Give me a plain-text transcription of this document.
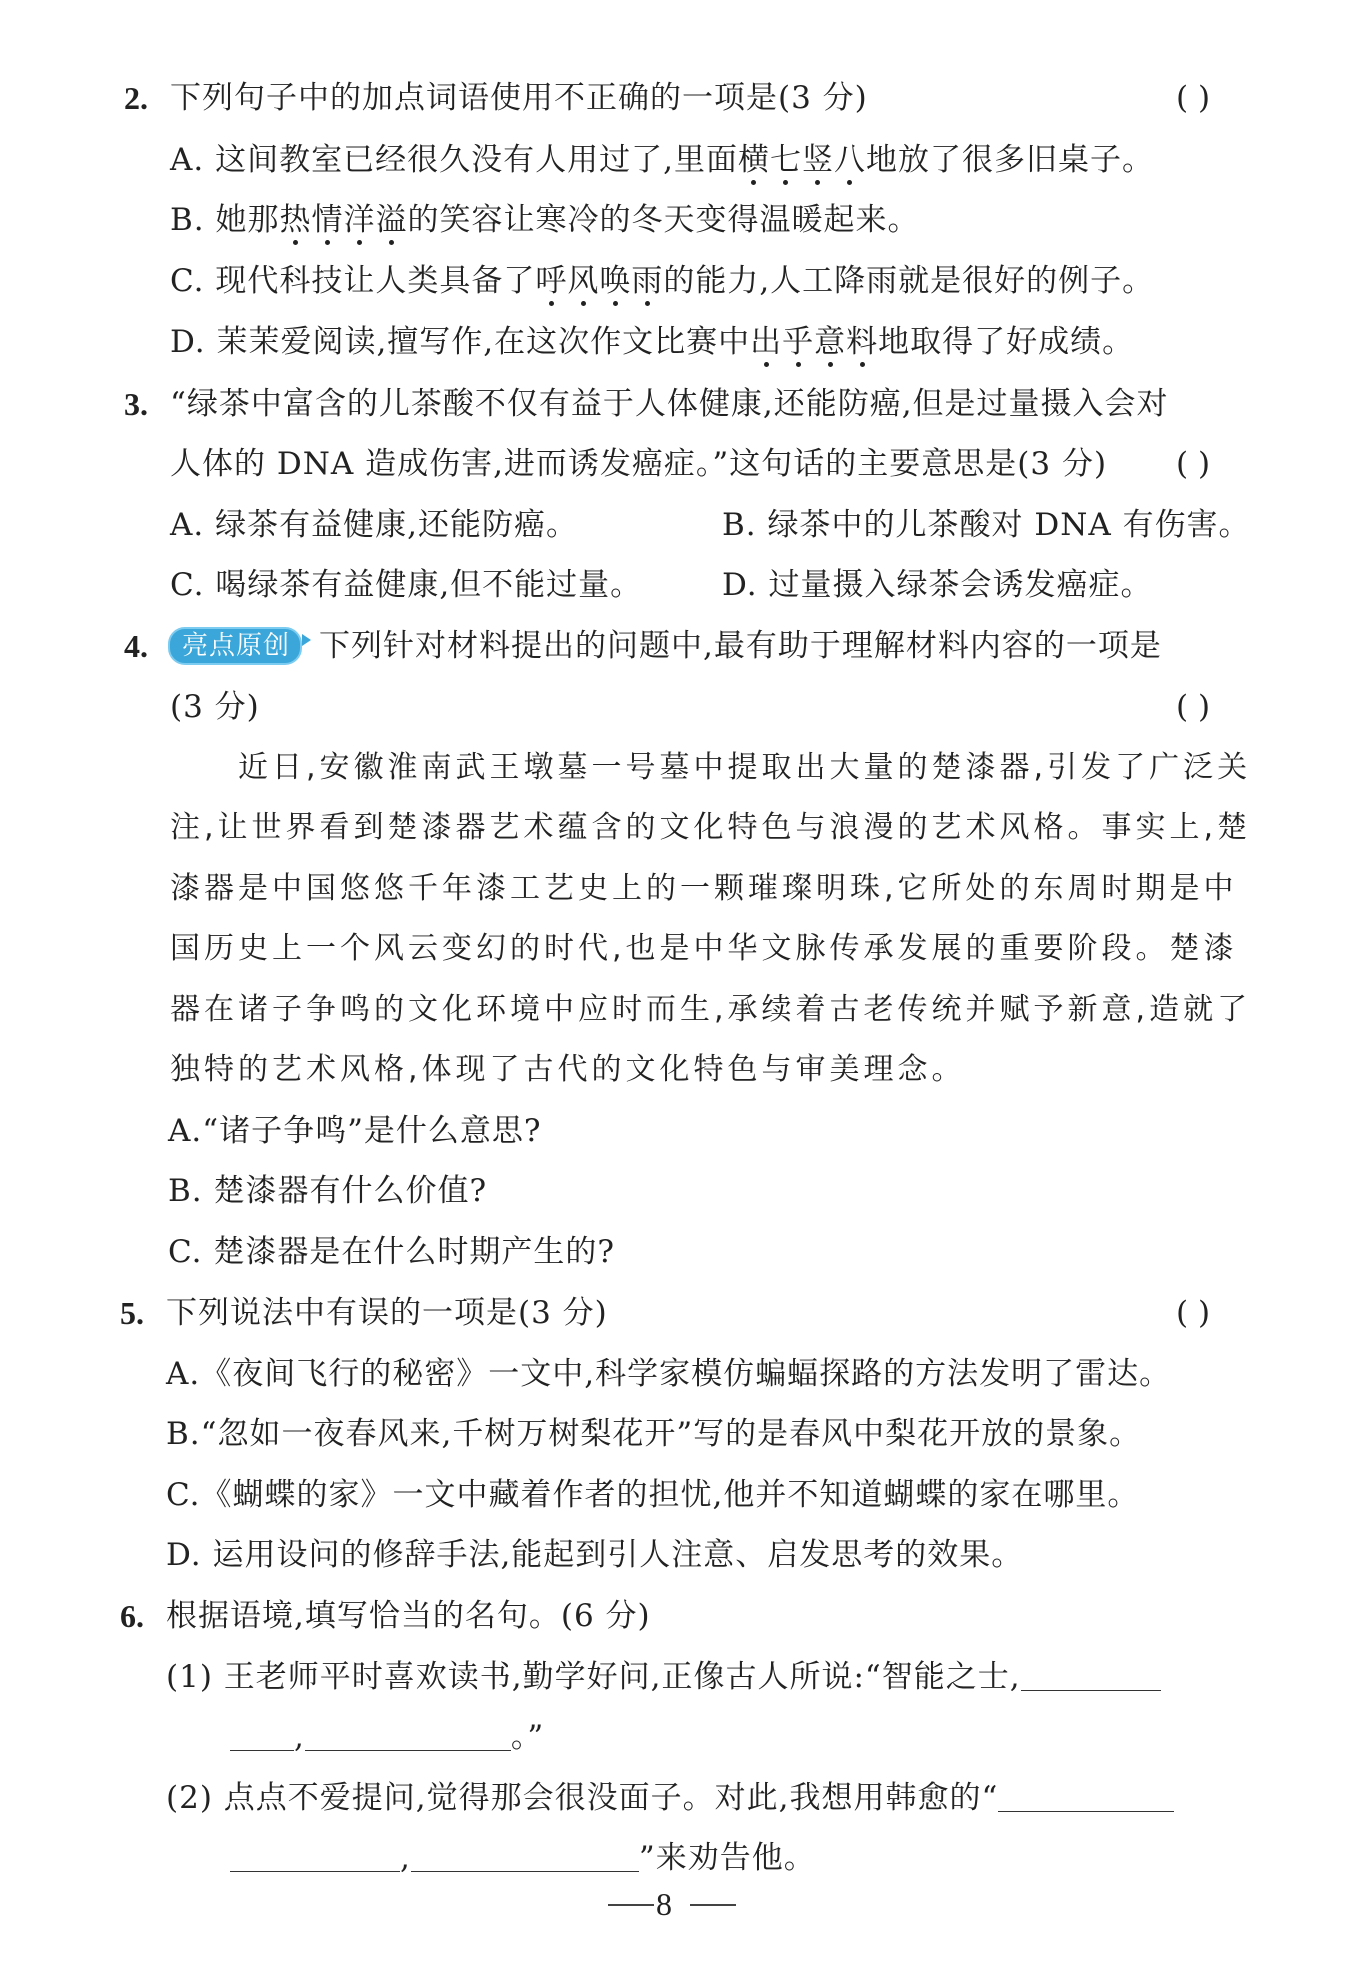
2. 下列句子中的加点词语使用不正确的一项是(3 分)	( )
A. 这间教室已经很久没有人用过了,里面横七竖八
地放了很多旧桌子。
B. 她那热情洋溢
的笑容让寒冷的冬天变得温暖起来。
C. 现代科技让人类具备了呼风唤雨
的能力,人工降雨就是很好的例子。
D. 茉茉爱阅读,擅写作,在这次作文比赛中出乎意料
地取得了好成绩。
3. “绿茶中富含的儿茶酸不仅有益于人体健康,还能防癌,但是过量摄入会对
人体的 DNA 造成伤害,进而诱发癌症。”这句话的主要意思是(3 分) ( )
A. 绿茶有益健康,还能防癌。	B. 绿茶中的儿茶酸对 DNA 有伤害。
C. 喝绿茶有益健康,但不能过量。	D. 过量摄入绿茶会诱发癌症。
4.	亮点原创 下列针对材料提出的问题中,最有助于理解材料内容的一项是
(3 分)	( )
近日,安徽淮南武王墩墓一号墓中提取出大量的楚漆器,引发了广泛关
注,让世界看到楚漆器艺术蕴含的文化特色与浪漫的艺术风格。事实上,楚
漆器是中国悠悠千年漆工艺史上的一颗璀璨明珠,它所处的东周时期是中
国历史上一个风云变幻的时代,也是中华文脉传承发展的重要阶段。楚漆
器在诸子争鸣的文化环境中应时而生,承续着古老传统并赋予新意,造就了
独特的艺术风格,体现了古代的文化特色与审美理念。
A.“诸子争鸣”是什么意思?
B. 楚漆器有什么价值?
C. 楚漆器是在什么时期产生的?
5. 下列说法中有误的一项是(3 分)	( )
A.《夜间飞行的秘密》一文中,科学家模仿蝙蝠探路的方法发明了雷达。
B.“忽如一夜春风来,千树万树梨花开”写的是春风中梨花开放的景象。
C.《蝴蝶的家》一文中藏着作者的担忧,他并不知道蝴蝶的家在哪里。
D. 运用设问的修辞手法,能起到引人注意、启发思考的效果。
6. 根据语境,填写恰当的名句。(6 分)
(1) 王老师平时喜欢读书,勤学好问,正像古人所说:“智能之士,
,	。”
(2) 点点不爱提问,觉得那会很没面子。对此,我想用韩愈的“
,	”来劝告他。
8
